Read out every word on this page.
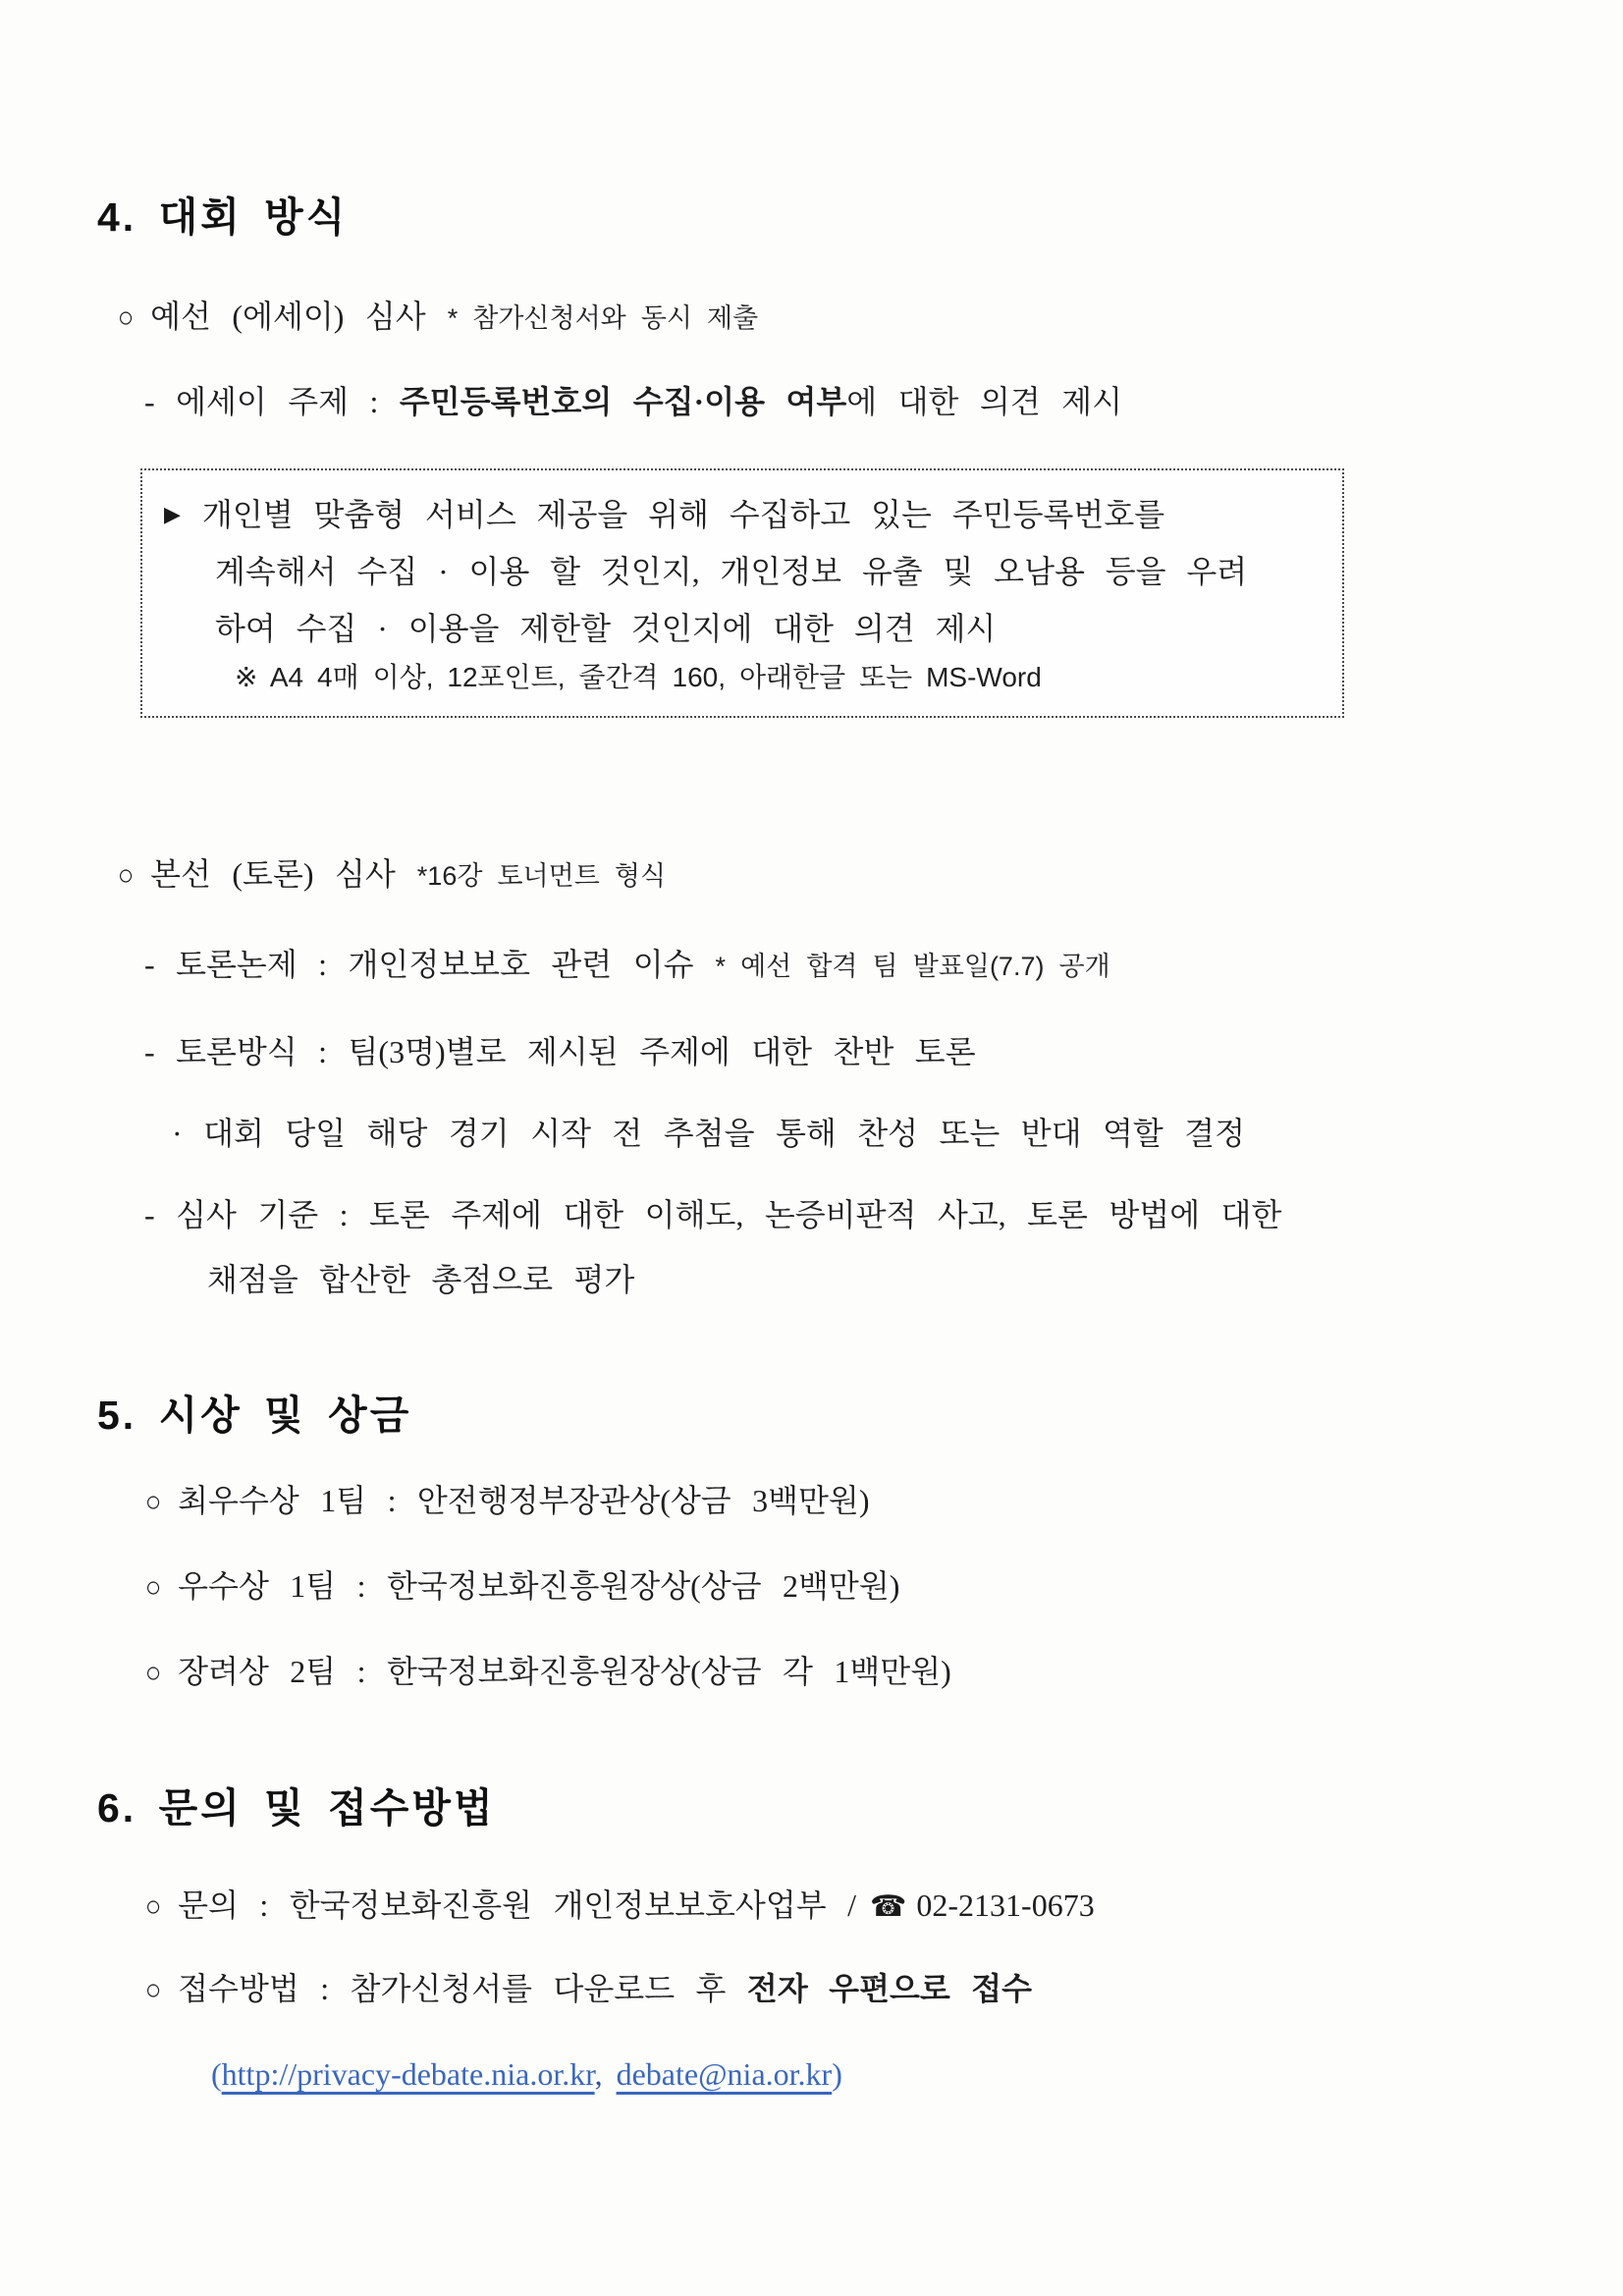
4. 대회 방식
○ 예선 (에세이) 심사 * 참가신청서와 동시 제출
- 에세이 주제 : 주민등록번호의 수집·이용 여부에 대한 의견 제시
▶ 개인별 맞춤형 서비스 제공을 위해 수집하고 있는 주민등록번호를
계속해서 수집 · 이용 할 것인지, 개인정보 유출 및 오남용 등을 우려
하여 수집 · 이용을 제한할 것인지에 대한 의견 제시
※ A4 4매 이상, 12포인트, 줄간격 160, 아래한글 또는 MS-Word
○ 본선 (토론) 심사 *16강 토너먼트 형식
- 토론논제 : 개인정보보호 관련 이슈 * 예선 합격 팀 발표일(7.7) 공개
- 토론방식 : 팀(3명)별로 제시된 주제에 대한 찬반 토론
· 대회 당일 해당 경기 시작 전 추첨을 통해 찬성 또는 반대 역할 결정
- 심사 기준 : 토론 주제에 대한 이해도, 논증비판적 사고, 토론 방법에 대한
채점을 합산한 총점으로 평가
5. 시상 및 상금
○ 최우수상 1팀 : 안전행정부장관상(상금 3백만원)
○ 우수상 1팀 : 한국정보화진흥원장상(상금 2백만원)
○ 장려상 2팀 : 한국정보화진흥원장상(상금 각 1백만원)
6. 문의 및 접수방법
○ 문의 : 한국정보화진흥원 개인정보보호사업부 / ☎ 02-2131-0673
○ 접수방법 : 참가신청서를 다운로드 후 전자 우편으로 접수
(http://privacy-debate.nia.or.kr, debate@nia.or.kr)
